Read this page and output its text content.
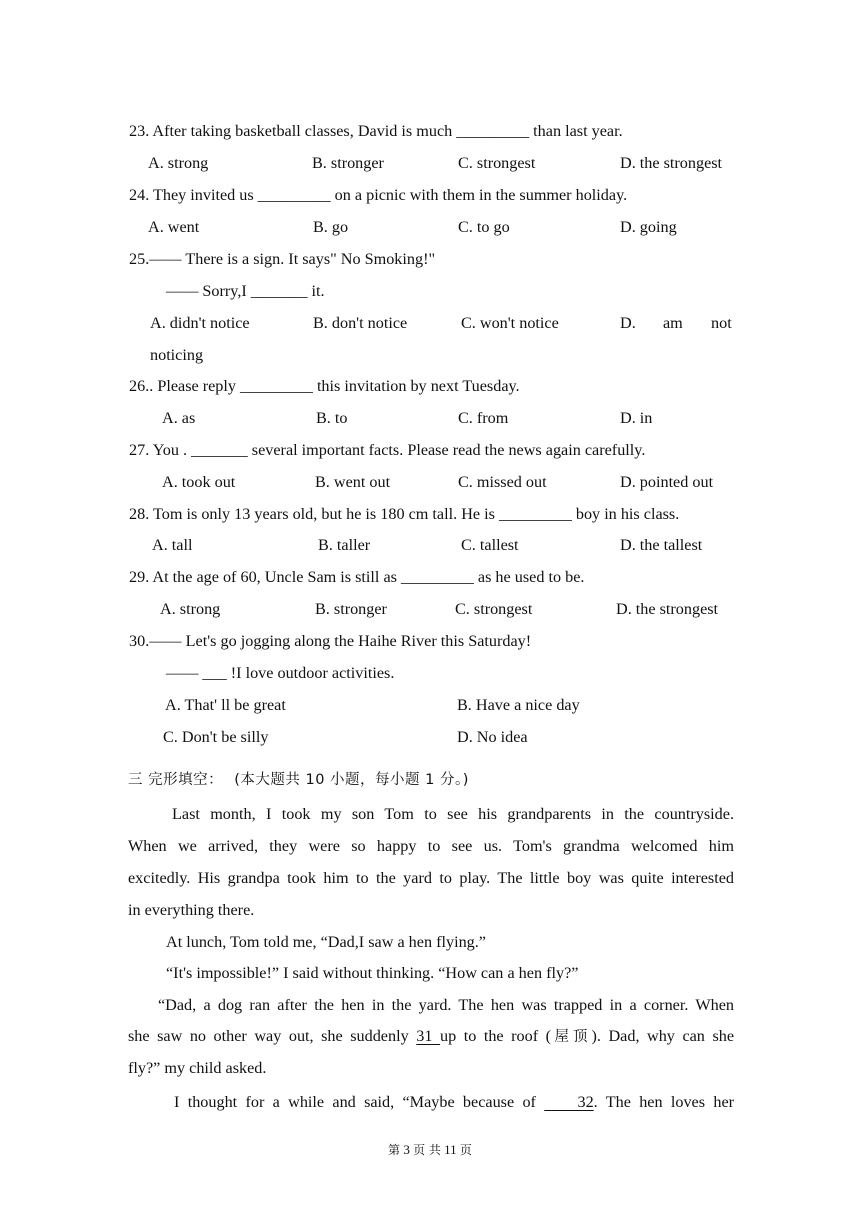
23. After taking basketball classes, David is much _________ than last year.
A. strong	B. stronger	C. strongest	D. the strongest
24. They invited us _________ on a picnic with them in the summer holiday.
A. went	B. go	C. to go	D. going
25.—— There is a sign. It says" No Smoking!"
—— Sorry,I _______ it.
A. didn't notice	B. don't notice	C. won't notice	D. am not
noticing
26.. Please reply _________ this invitation by next Tuesday.
A. as	B. to	C. from	D. in
27. You . _______ several important facts. Please read the news again carefully.
A. took out	B. went out	C. missed out	D. pointed out
28. Tom is only 13 years old, but he is 180 cm tall. He is _________ boy in his class.
A. tall	B. taller	C. tallest	D. the tallest
29. At the age of 60, Uncle Sam is still as _________ as he used to be.
A. strong	B. stronger	C. strongest	D. the strongest
30.—— Let's go jogging along the Haihe River this Saturday!
—— ___ !I love outdoor activities.
A. That' ll be great	B. Have a nice day
C. Don't be silly	D. No idea
三 完形填空： (本大题共 10 小题，每小题 1 分。)
Last month, I took my son Tom to see his grandparents in the countryside.
When we arrived, they were so happy to see us. Tom's grandma welcomed him
excitedly. His grandpa took him to the yard to play. The little boy was quite interested
in everything there.
At lunch, Tom told me, “Dad,I saw a hen flying.”
“It's impossible!” I said without thinking. “How can a hen fly?”
“Dad, a dog ran after the hen in the yard. The hen was trapped in a corner. When
she saw no other way out, she suddenly 31 up to the roof (屋顶). Dad, why can she
fly?” my child asked.
I thought for a while and said, “Maybe because of     32. The hen loves her
第 3 页 共 11 页
